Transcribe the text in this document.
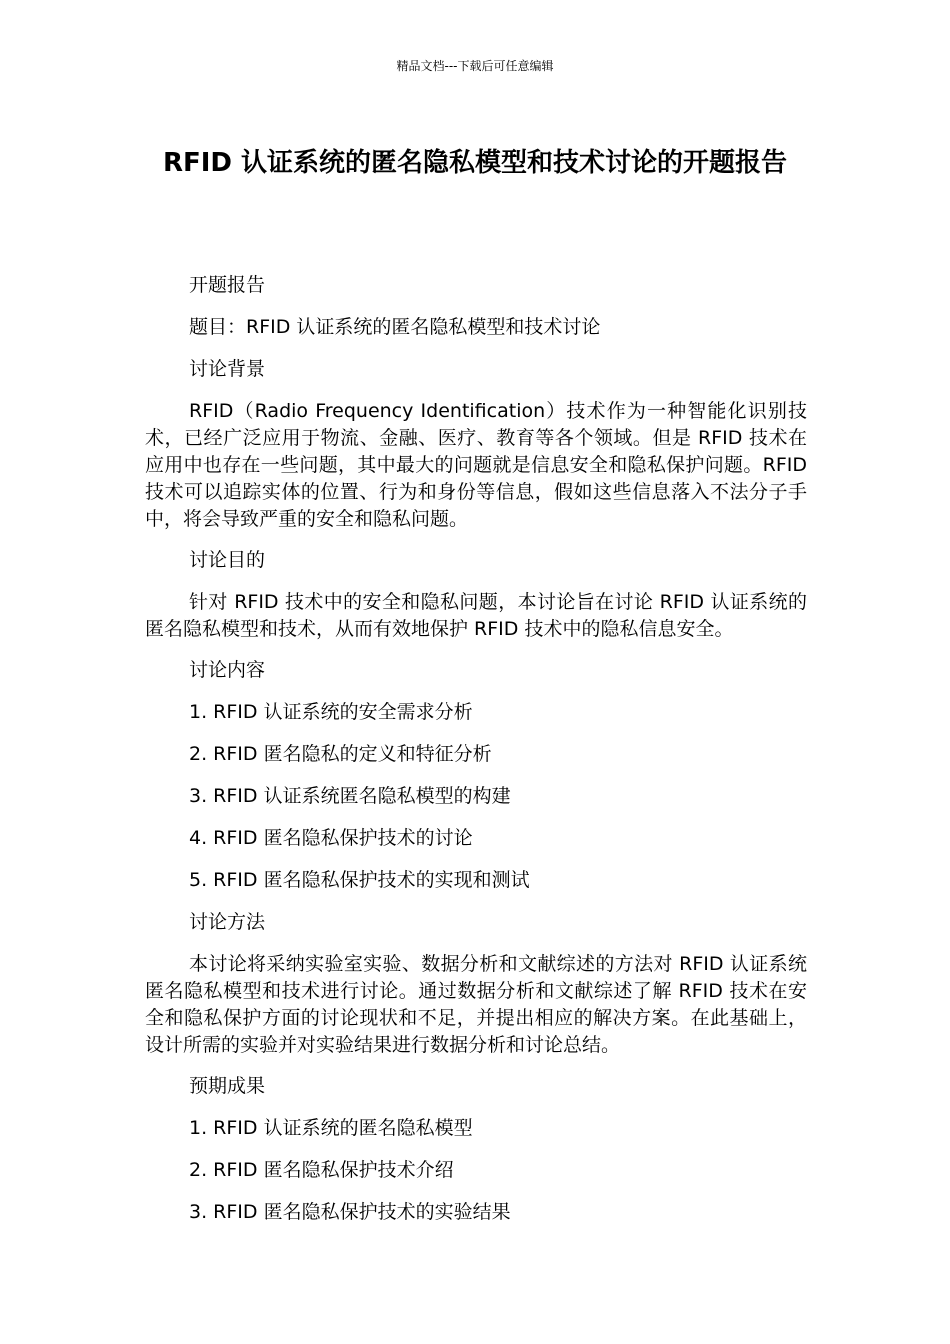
精品文档---下载后可任意编辑
RFID 认证系统的匿名隐私模型和技术讨论的开题报告

开题报告

题目：RFID 认证系统的匿名隐私模型和技术讨论

讨论背景

RFID（Radio Frequency Identification）技术作为一种智能化识别技术，已经广泛应用于物流、金融、医疗、教育等各个领域。但是 RFID 技术在应用中也存在一些问题，其中最大的问题就是信息安全和隐私保护问题。RFID 技术可以追踪实体的位置、行为和身份等信息，假如这些信息落入不法分子手中，将会导致严重的安全和隐私问题。

讨论目的

针对 RFID 技术中的安全和隐私问题，本讨论旨在讨论 RFID 认证系统的匿名隐私模型和技术，从而有效地保护 RFID 技术中的隐私信息安全。

讨论内容

1. RFID 认证系统的安全需求分析

2. RFID 匿名隐私的定义和特征分析

3. RFID 认证系统匿名隐私模型的构建

4. RFID 匿名隐私保护技术的讨论

5. RFID 匿名隐私保护技术的实现和测试

讨论方法

本讨论将采纳实验室实验、数据分析和文献综述的方法对 RFID 认证系统匿名隐私模型和技术进行讨论。通过数据分析和文献综述了解 RFID 技术在安全和隐私保护方面的讨论现状和不足，并提出相应的解决方案。在此基础上，设计所需的实验并对实验结果进行数据分析和讨论总结。

预期成果

1. RFID 认证系统的匿名隐私模型

2. RFID 匿名隐私保护技术介绍

3. RFID 匿名隐私保护技术的实验结果
